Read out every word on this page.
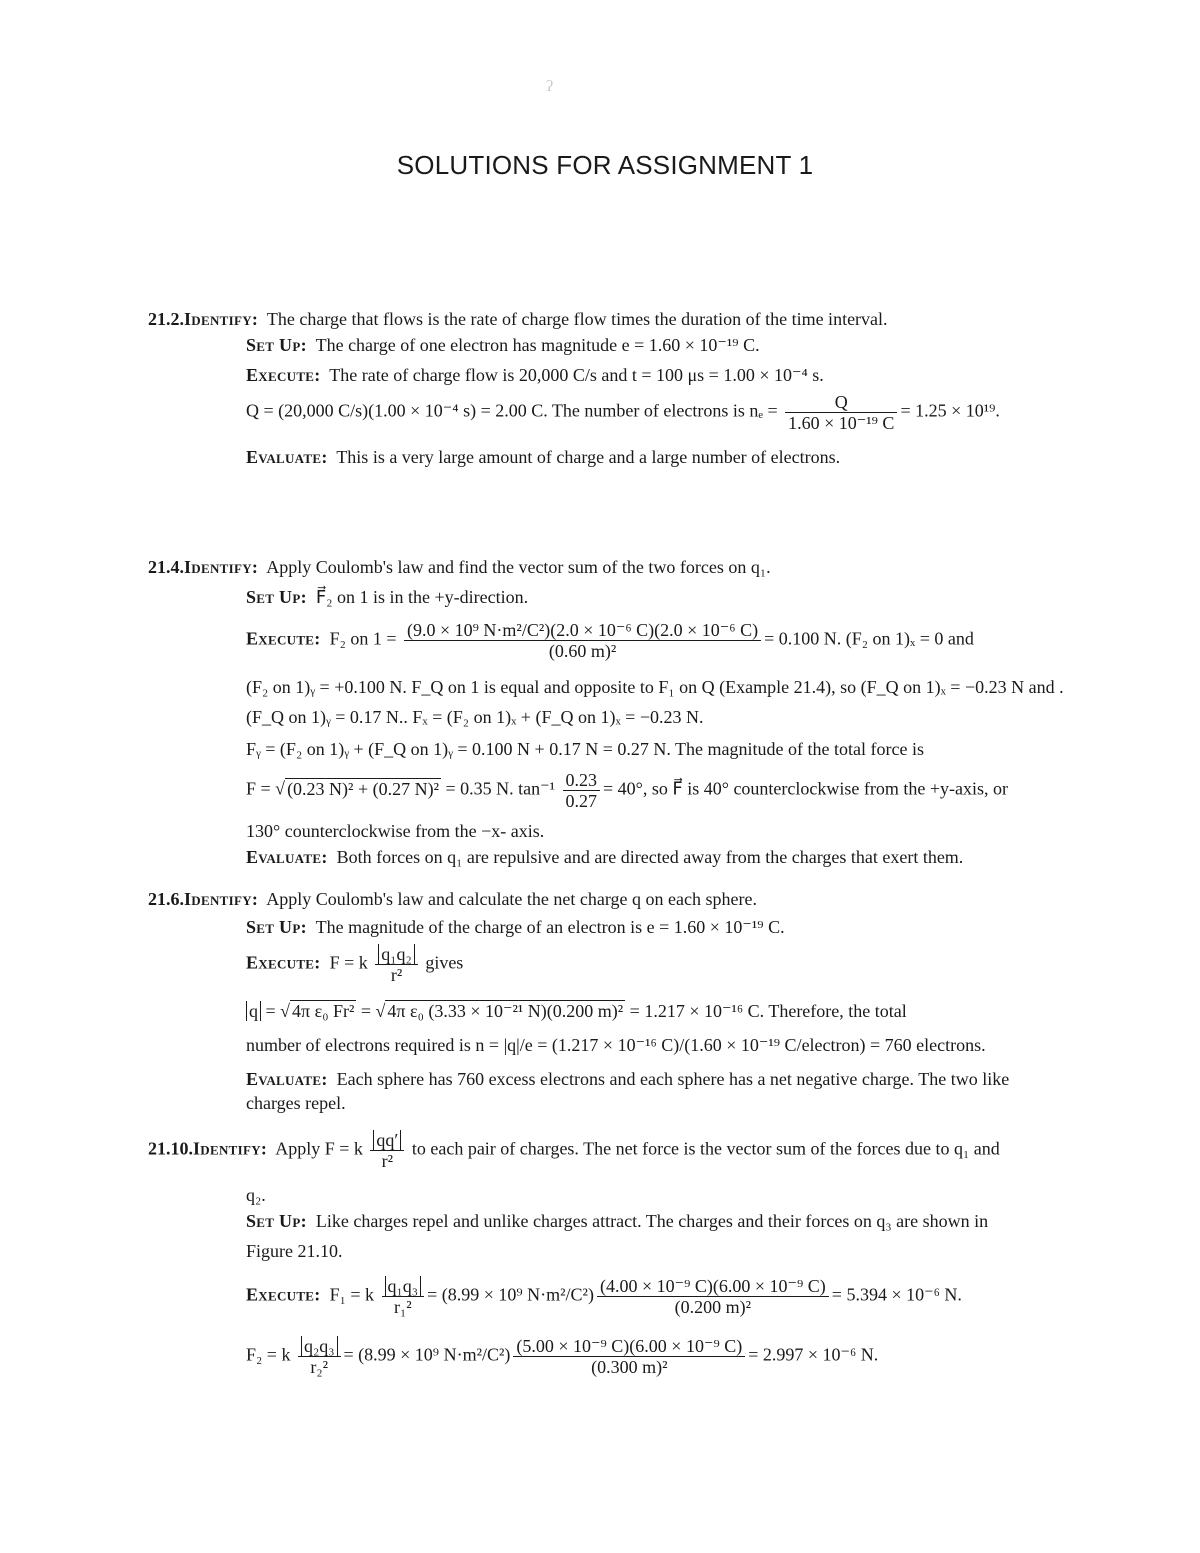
ʔ
SOLUTIONS FOR ASSIGNMENT 1
21.2.Identify: The charge that flows is the rate of charge flow times the duration of the time interval.
Set Up: The charge of one electron has magnitude e = 1.60 × 10⁻¹⁹ C.
Execute: The rate of charge flow is 20,000 C/s and t = 100 μs = 1.00 × 10⁻⁴ s.
Q = (20,000 C/s)(1.00 × 10⁻⁴ s) = 2.00 C. The number of electrons is $n_e = \frac{Q}{\text{1.60 × 10⁻¹⁹ C}} = 1.25 \times 10^{19}$.
Evaluate: This is a very large amount of charge and a large number of electrons.
21.4.Identify: Apply Coulomb's law and find the vector sum of the two forces on q₁.
Set Up: F⃗₂ on 1 is in the +y-direction.
Execute: F₂ on $1 = \frac{\text{(9.0 × 10⁹ N·m²/C²)(2.0 × 10⁻⁶ C)(2.0 × 10⁻⁶ C)}}{\text{(0.60 m)²}} = 0.100$ N. (F₂ on 1)ₓ = 0 and
(F₂ on 1)ᵧ = +0.100 N. F_Q on 1 is equal and opposite to F₁ on Q (Example 21.4), so (F_Q on 1)ₓ = −0.23 N and .
(F_Q on 1)ᵧ = 0.17 N.. Fₓ = (F₂ on 1)ₓ + (F_Q on 1)ₓ = −0.23 N.
Fᵧ = (F₂ on 1)ᵧ + (F_Q on 1)ᵧ = 0.100 N + 0.17 N = 0.27 N. The magnitude of the total force is
F = √ (0.23 N)² + (0.27 N)² = 0.35 N. $\tan^{-1} \frac{0.23}{0.27} = 40^\circ$, so F⃗ is 40° counterclockwise from the +y-axis, or
130° counterclockwise from the −x- axis.
Evaluate: Both forces on q₁ are repulsive and are directed away from the charges that exert them.
21.6.Identify: Apply Coulomb's law and calculate the net charge q on each sphere.
Set Up: The magnitude of the charge of an electron is e = 1.60 × 10⁻¹⁹ C.
Execute: F = k $\frac{\text{q₁q₂}}{\text{r²}}$ gives
q = √ 4π ε₀ Fr² = √ 4π ε₀ (3.33 × 10⁻²¹ N)(0.200 m)² = 1.217 × 10⁻¹⁶ C. Therefore, the total
number of electrons required is n = |q|/e = (1.217 × 10⁻¹⁶ C)/(1.60 × 10⁻¹⁹ C/electron) = 760 electrons.
Evaluate: Each sphere has 760 excess electrons and each sphere has a net negative charge. The two like
charges repel.
21.10.Identify: Apply F = k $\frac{qq'}{\text{r²}}$ to each pair of charges. The net force is the vector sum of the forces due to q₁ and
q₂.
Set Up: Like charges repel and unlike charges attract. The charges and their forces on q₃ are shown in
Figure 21.10.
Execute: F₁ = k $\frac{\text{q₁q₃}}{\text{r₁²}} = (8.99 \times 10^9$ $N\cdot m^2/C^2) \frac{\text{(4.00 × 10⁻⁹ C)(6.00 × 10⁻⁹ C)}}{\text{(0.200 m)²}} = 5.394 \times 10^{-6}$ N.
F₂ = k $\frac{\text{q₂q₃}}{\text{r₂²}} = (8.99 \times 10^9$ $N\cdot m^2/C^2) \frac{\text{(5.00 × 10⁻⁹ C)(6.00 × 10⁻⁹ C)}}{\text{(0.300 m)²}} = 2.997 \times 10^{-6}$ N.
